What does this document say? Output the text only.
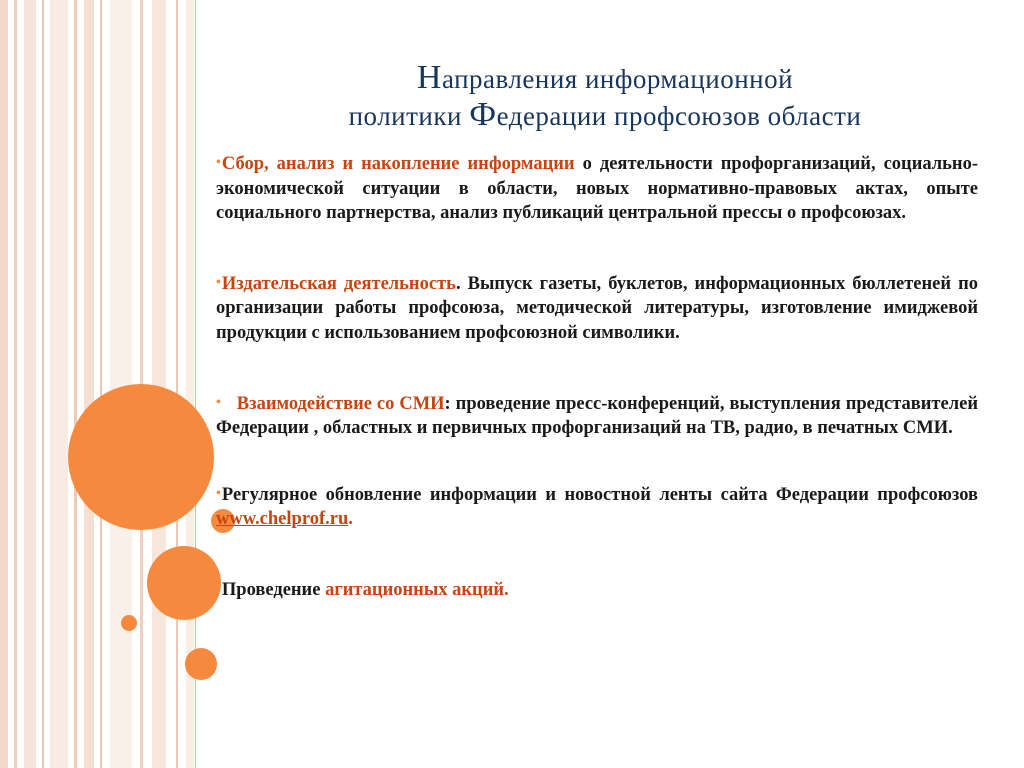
Направления информационной
политики Федерации профсоюзов области

•Сбор, анализ и накопление информации о деятельности профорганизаций, социально-экономической ситуации в области, новых нормативно-правовых актах, опыте социального партнерства, анализ публикаций центральной прессы о профсоюзах.

•Издательская деятельность. Выпуск газеты, буклетов, информационных бюллетеней по организации работы профсоюза, методической литературы, изготовление имиджевой продукции с использованием профсоюзной символики.

• Взаимодействие со СМИ: проведение пресс-конференций, выступления представителей Федерации , областных и первичных профорганизаций на ТВ, радио, в печатных СМИ.

•Регулярное обновление информации и новостной ленты сайта Федерации профсоюзов www.chelprof.ru.

•Проведение агитационных акций.
